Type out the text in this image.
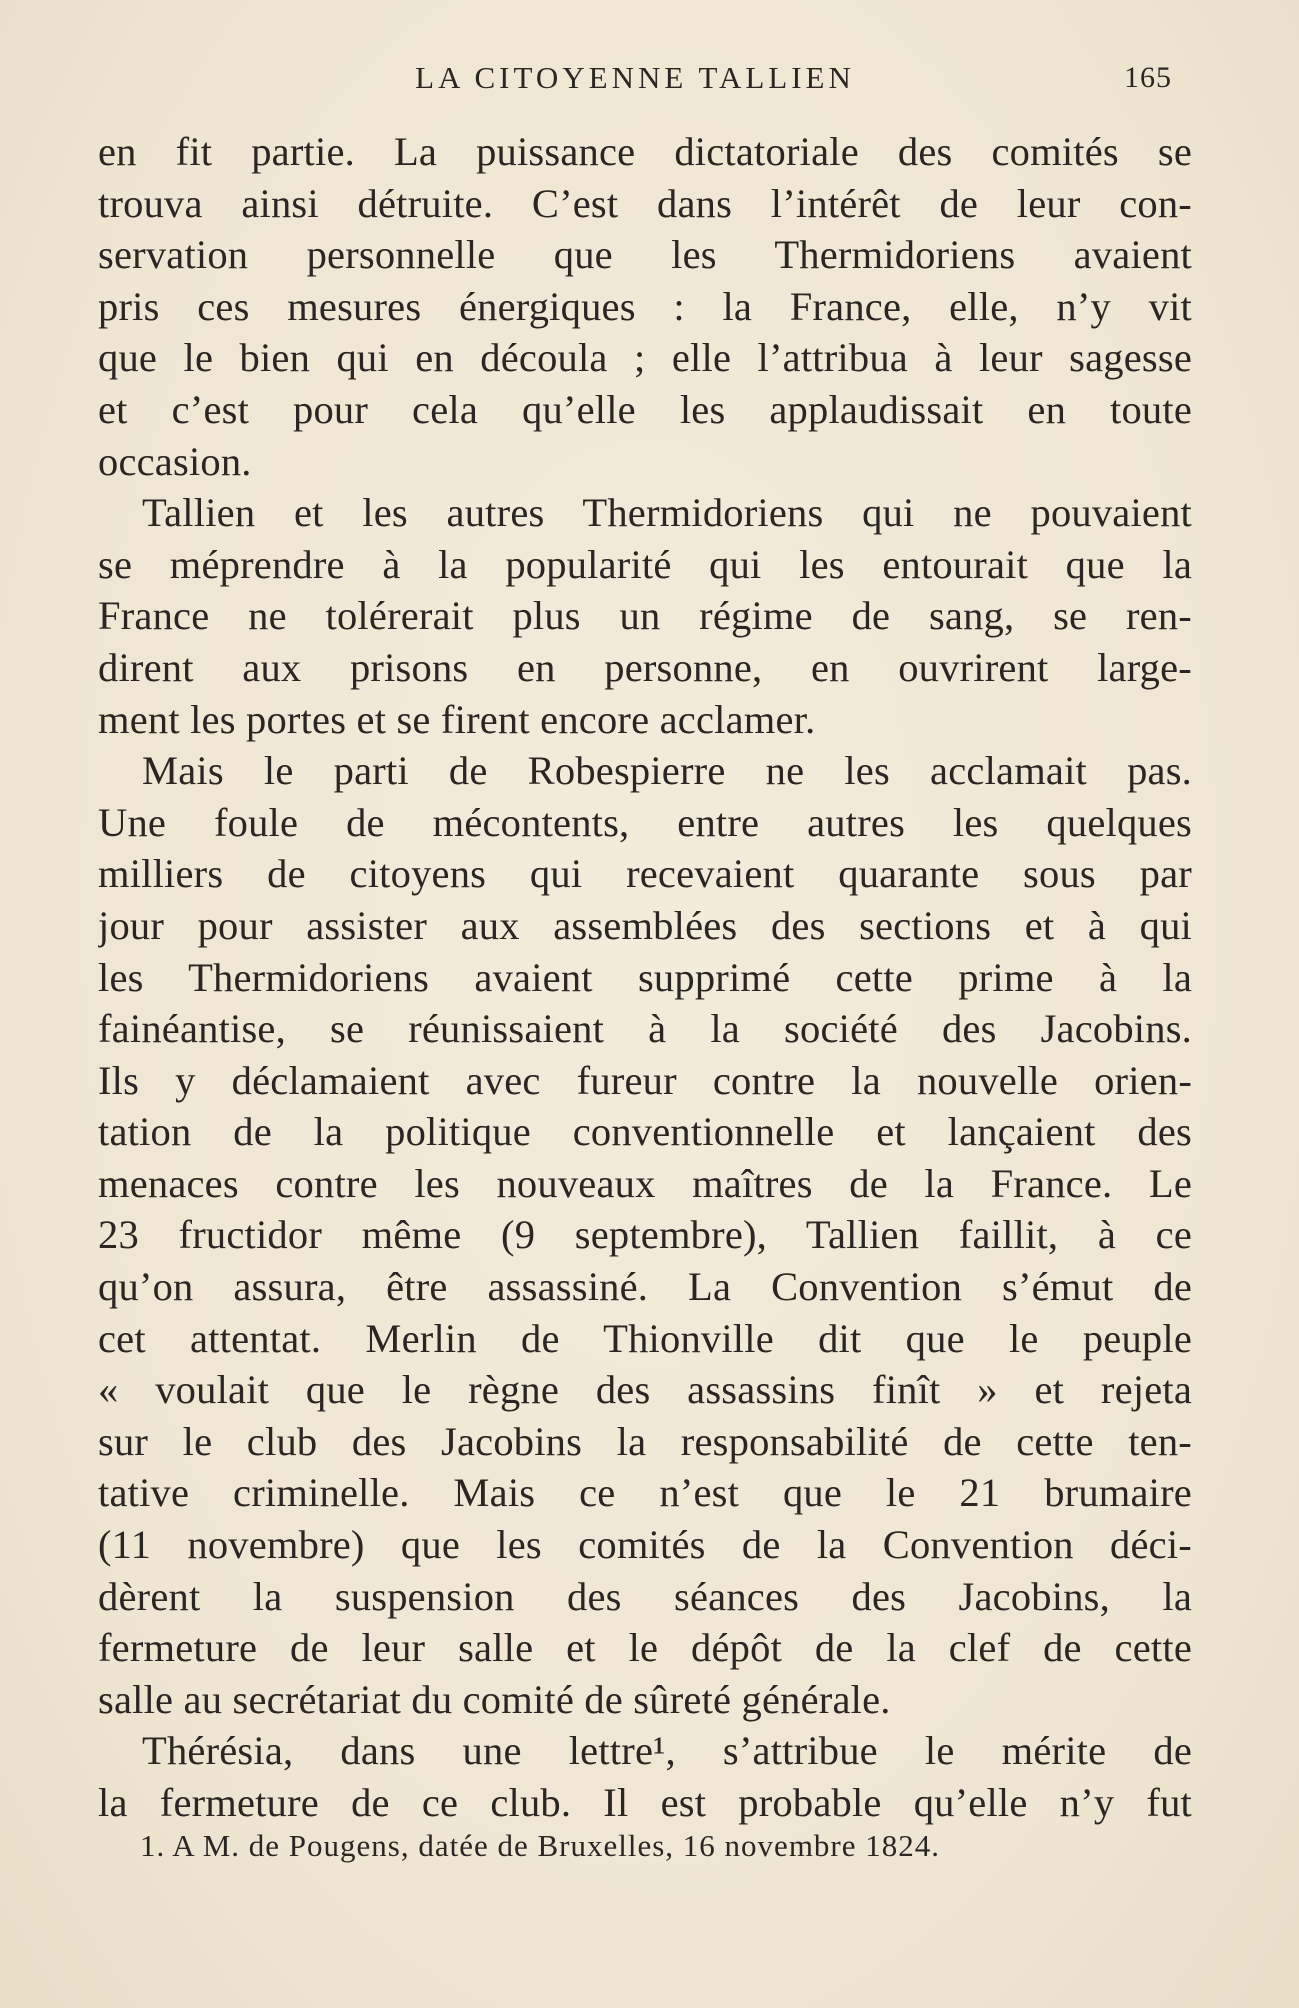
LA CITOYENNE TALLIEN	165
en fit partie. La puissance dictatoriale des comités se
trouva ainsi détruite. C’est dans l’intérêt de leur con-
servation personnelle que les Thermidoriens avaient
pris ces mesures énergiques : la France, elle, n’y vit
que le bien qui en découla ; elle l’attribua à leur sagesse
et c’est pour cela qu’elle les applaudissait en toute
occasion.
Tallien et les autres Thermidoriens qui ne pouvaient
se méprendre à la popularité qui les entourait que la
France ne tolérerait plus un régime de sang, se ren-
dirent aux prisons en personne, en ouvrirent large-
ment les portes et se firent encore acclamer.
Mais le parti de Robespierre ne les acclamait pas.
Une foule de mécontents, entre autres les quelques
milliers de citoyens qui recevaient quarante sous par
jour pour assister aux assemblées des sections et à qui
les Thermidoriens avaient supprimé cette prime à la
fainéantise, se réunissaient à la société des Jacobins.
Ils y déclamaient avec fureur contre la nouvelle orien-
tation de la politique conventionnelle et lançaient des
menaces contre les nouveaux maîtres de la France. Le
23 fructidor même (9 septembre), Tallien faillit, à ce
qu’on assura, être assassiné. La Convention s’émut de
cet attentat. Merlin de Thionville dit que le peuple
« voulait que le règne des assassins finît » et rejeta
sur le club des Jacobins la responsabilité de cette ten-
tative criminelle. Mais ce n’est que le 21 brumaire
(11 novembre) que les comités de la Convention déci-
dèrent la suspension des séances des Jacobins, la
fermeture de leur salle et le dépôt de la clef de cette
salle au secrétariat du comité de sûreté générale.
Thérésia, dans une lettre¹, s’attribue le mérite de
la fermeture de ce club. Il est probable qu’elle n’y fut
1. A M. de Pougens, datée de Bruxelles, 16 novembre 1824.
